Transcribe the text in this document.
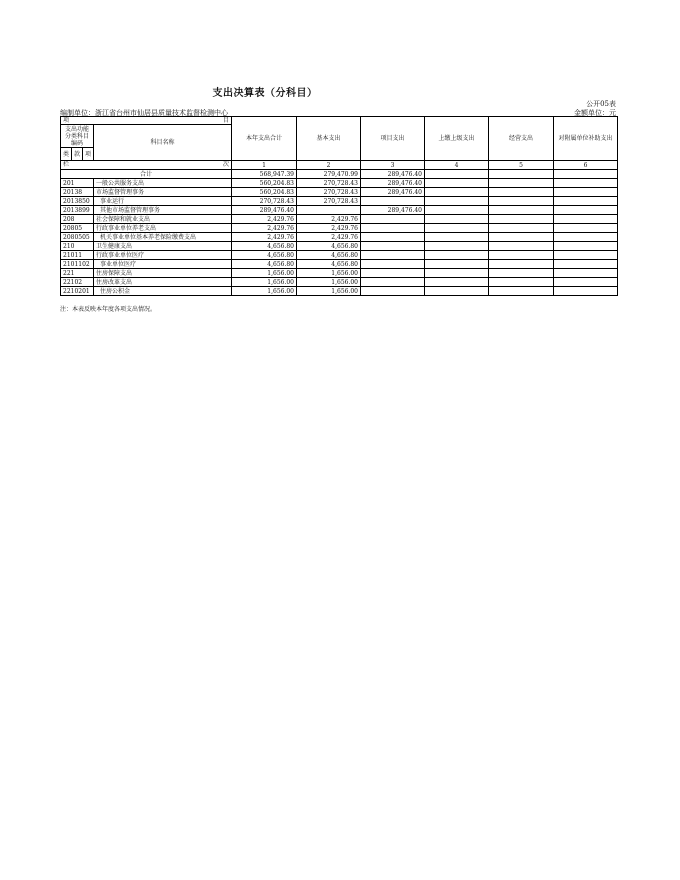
支出决算表（分科目）
公开05表
编制单位：浙江省台州市仙居县质量技术监督检测中心	金额单位：元
项 目				本年支出合计	基本支出	项目支出	上缴上级支出	经营支出	对附属单位补助支出
支出功能分类科目编码			科目名称						
类	款	项							

栏 次				1	2	3	4	5	6
合计				568,947.39	279,470.99	289,476.40			
201			一般公共服务支出	560,204.83	270,728.43	289,476.40			
20138			市场监督管理事务	560,204.83	270,728.43	289,476.40			
2013850			事业运行	270,728.43	270,728.43				
2013899			其他市场监督管理事务	289,476.40		289,476.40			
208			社会保障和就业支出	2,429.76	2,429.76				
20805			行政事业单位养老支出	2,429.76	2,429.76				
2080505			机关事业单位基本养老保险缴费支出	2,429.76	2,429.76				
210			卫生健康支出	4,656.80	4,656.80				
21011			行政事业单位医疗	4,656.80	4,656.80				
2101102			事业单位医疗	4,656.80	4,656.80				
221			住房保障支出	1,656.00	1,656.00				
22102			住房改革支出	1,656.00	1,656.00				
2210201			住房公积金	1,656.00	1,656.00				
注：本表反映本年度各项支出情况。
